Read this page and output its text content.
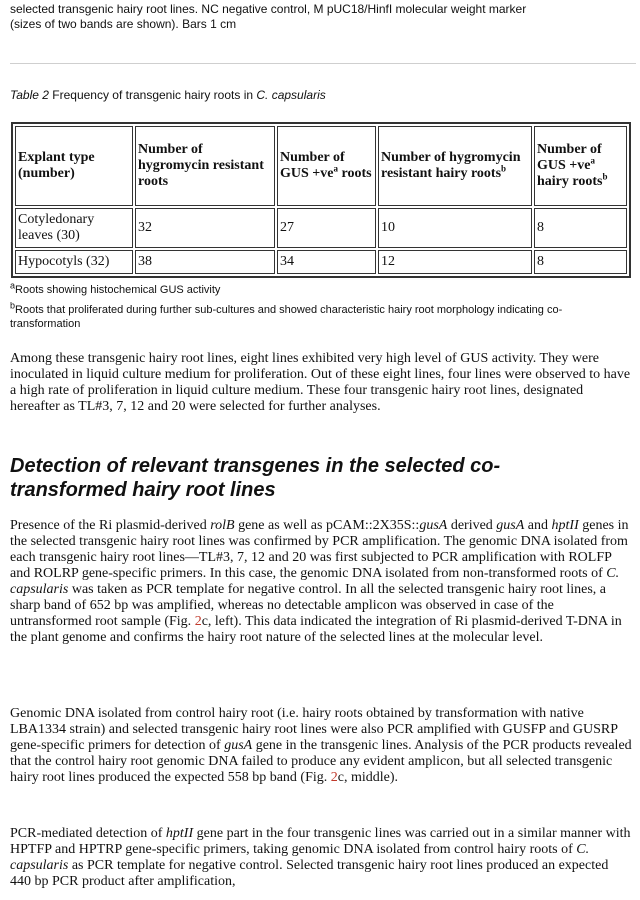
selected transgenic hairy root lines. NC negative control, M pUC18/HinfI molecular weight marker
(sizes of two bands are shown). Bars 1 cm
Table 2 Frequency of transgenic hairy roots in C. capsularis
Explant type (number)	Number of hygromycin resistant roots	Number of GUS $+ve^a$ roots	Number of hygromycin resistant hairy roots$^b$	Number of GUS $+ve^a$ hairy roots$^b$
Cotyledonary leaves (30)	32	27	10	8
Hypocotyls (32)	38	34	12	8
$^a$Roots showing histochemical GUS activity
$^b$Roots that proliferated during further sub-cultures and showed characteristic hairy root morphology indicating co-transformation

Among these transgenic hairy root lines, eight lines exhibited very high level of GUS activity. They were inoculated in liquid culture medium for proliferation. Out of these eight lines, four lines were observed to have a high rate of proliferation in liquid culture medium. These four transgenic hairy root lines, designated hereafter as TL#3, 7, 12 and 20 were selected for further analyses.

Detection of relevant transgenes in the selected co-transformed hairy root lines

Presence of the Ri plasmid-derived rolB gene as well as pCAM::2X35S::gusA derived gusA and hptII genes in the selected transgenic hairy root lines was confirmed by PCR amplification. The genomic DNA isolated from each transgenic hairy root lines—TL#3, 7, 12 and 20 was first subjected to PCR amplification with ROLFP and ROLRP gene-specific primers. In this case, the genomic DNA isolated from non-transformed roots of C. capsularis was taken as PCR template for negative control. In all the selected transgenic hairy root lines, a sharp band of 652 bp was amplified, whereas no detectable amplicon was observed in case of the untransformed root sample (Fig. 2c, left). This data indicated the integration of Ri plasmid-derived T-DNA in the plant genome and confirms the hairy root nature of the selected lines at the molecular level.

Genomic DNA isolated from control hairy root (i.e. hairy roots obtained by transformation with native LBA1334 strain) and selected transgenic hairy root lines were also PCR amplified with GUSFP and GUSRP gene-specific primers for detection of gusA gene in the transgenic lines. Analysis of the PCR products revealed that the control hairy root genomic DNA failed to produce any evident amplicon, but all selected transgenic hairy root lines produced the expected 558 bp band (Fig. 2c, middle).

PCR-mediated detection of hptII gene part in the four transgenic lines was carried out in a similar manner with HPTFP and HPTRP gene-specific primers, taking genomic DNA isolated from control hairy roots of C. capsularis as PCR template for negative control. Selected transgenic hairy root lines produced an expected 440 bp PCR product after amplification,
